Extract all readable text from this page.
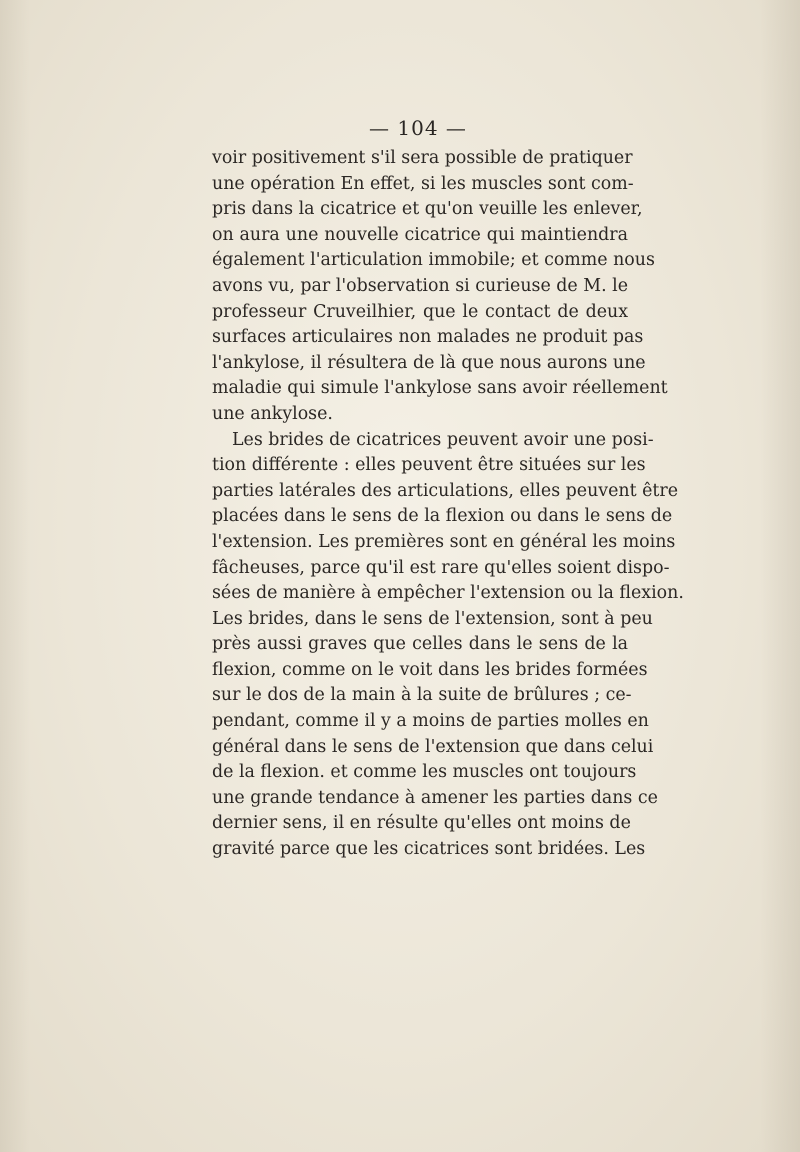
— 104 —
voir positivement s'il sera possible de pratiquer
une opération En effet, si les muscles sont com-
pris dans la cicatrice et qu'on veuille les enlever,
on aura une nouvelle cicatrice qui maintiendra
également l'articulation immobile; et comme nous
avons vu, par l'observation si curieuse de M. le
professeur Cruveilhier, que le contact de deux
surfaces articulaires non malades ne produit pas
l'ankylose, il résultera de là que nous aurons une
maladie qui simule l'ankylose sans avoir réellement
une ankylose.
Les brides de cicatrices peuvent avoir une posi-
tion différente : elles peuvent être situées sur les
parties latérales des articulations, elles peuvent être
placées dans le sens de la flexion ou dans le sens de
l'extension. Les premières sont en général les moins
fâcheuses, parce qu'il est rare qu'elles soient dispo-
sées de manière à empêcher l'extension ou la flexion.
Les brides, dans le sens de l'extension, sont à peu
près aussi graves que celles dans le sens de la
flexion, comme on le voit dans les brides formées
sur le dos de la main à la suite de brûlures ; ce-
pendant, comme il y a moins de parties molles en
général dans le sens de l'extension que dans celui
de la flexion. et comme les muscles ont toujours
une grande tendance à amener les parties dans ce
dernier sens, il en résulte qu'elles ont moins de
gravité parce que les cicatrices sont bridées. Les
